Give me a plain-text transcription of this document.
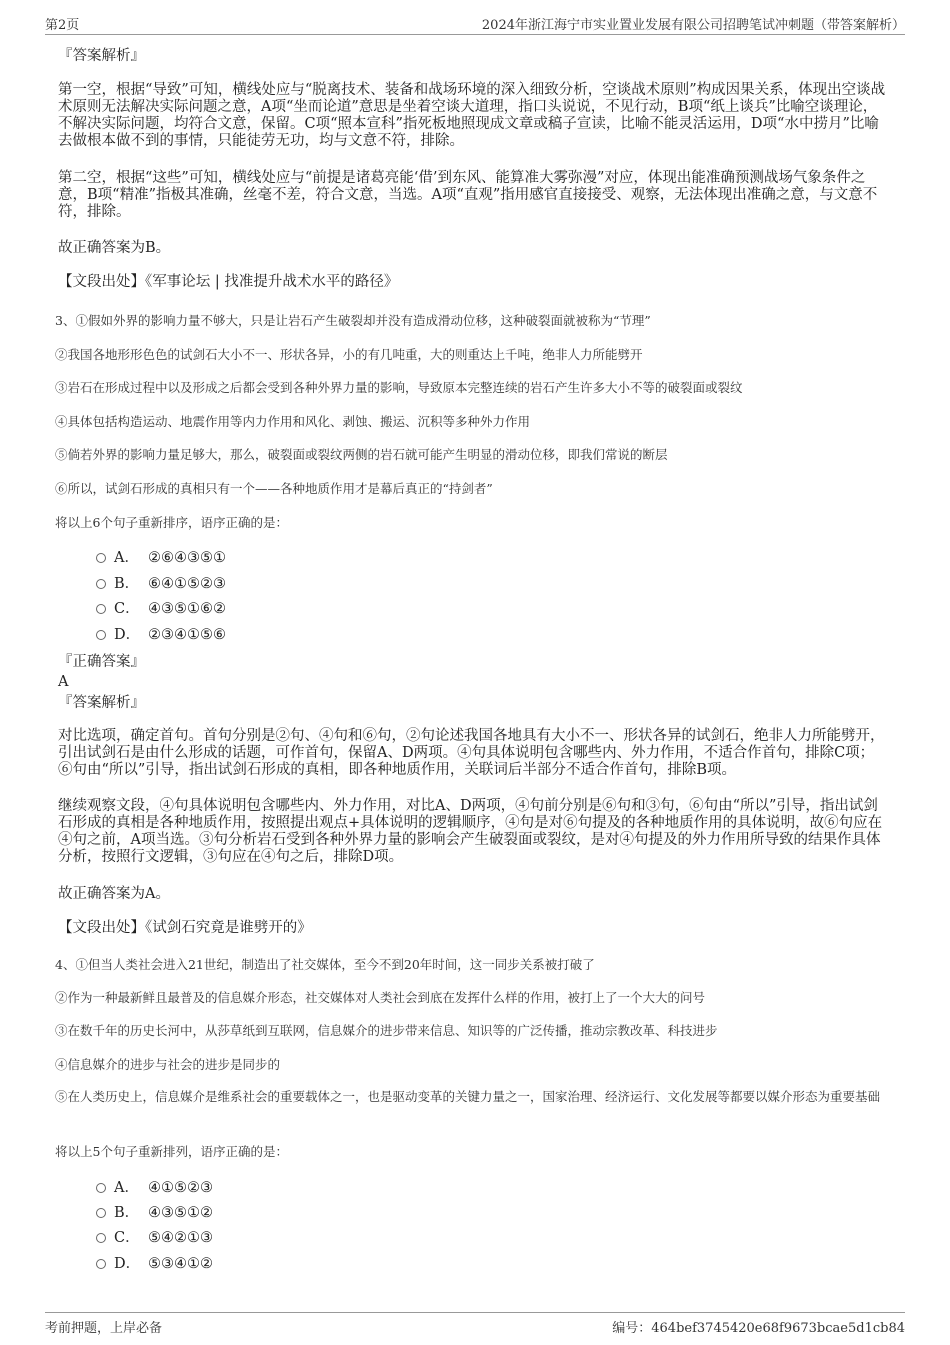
第2页	2024年浙江海宁市实业置业发展有限公司招聘笔试冲刺题（带答案解析）

『答案解析』

第一空，根据“导致”可知，横线处应与“脱离技术、装备和战场环境的深入细致分析，空谈战术原则”构成因果关系，体现出空谈战术原则无法解决实际问题之意，A项“坐而论道”意思是坐着空谈大道理，指口头说说，不见行动，B项“纸上谈兵”比喻空谈理论，不解决实际问题，均符合文意，保留。C项“照本宣科”指死板地照现成文章或稿子宣读，比喻不能灵活运用，D项“水中捞月”比喻去做根本做不到的事情，只能徒劳无功，均与文意不符，排除。

第二空，根据“这些”可知，横线处应与“前提是诸葛亮能‘借’到东风、能算准大雾弥漫”对应，体现出能准确预测战场气象条件之意，B项“精准”指极其准确，丝毫不差，符合文意，当选。A项“直观”指用感官直接接受、观察，无法体现出准确之意，与文意不符，排除。

故正确答案为B。

【文段出处】《军事论坛 | 找准提升战术水平的路径》

3、①假如外界的影响力量不够大，只是让岩石产生破裂却并没有造成滑动位移，这种破裂面就被称为“节理”

②我国各地形形色色的试剑石大小不一、形状各异，小的有几吨重，大的则重达上千吨，绝非人力所能劈开

③岩石在形成过程中以及形成之后都会受到各种外界力量的影响，导致原本完整连续的岩石产生许多大小不等的破裂面或裂纹

④具体包括构造运动、地震作用等内力作用和风化、剥蚀、搬运、沉积等多种外力作用

⑤倘若外界的影响力量足够大，那么，破裂面或裂纹两侧的岩石就可能产生明显的滑动位移，即我们常说的断层

⑥所以，试剑石形成的真相只有一个——各种地质作用才是幕后真正的“持剑者”

将以上6个句子重新排序，语序正确的是：

A． ②⑥④③⑤①
B． ⑥④①⑤②③
C． ④③⑤①⑥②
D． ②③④①⑤⑥

『正确答案』

A

『答案解析』

对比选项，确定首句。首句分别是②句、④句和⑥句，②句论述我国各地具有大小不一、形状各异的试剑石，绝非人力所能劈开，引出试剑石是由什么形成的话题，可作首句，保留A、D两项。④句具体说明包含哪些内、外力作用，不适合作首句，排除C项；⑥句由“所以”引导，指出试剑石形成的真相，即各种地质作用，关联词后半部分不适合作首句，排除B项。

继续观察文段，④句具体说明包含哪些内、外力作用，对比A、D两项，④句前分别是⑥句和③句，⑥句由“所以”引导，指出试剑石形成的真相是各种地质作用，按照提出观点+具体说明的逻辑顺序，④句是对⑥句提及的各种地质作用的具体说明，故⑥句应在④句之前，A项当选。③句分析岩石受到各种外界力量的影响会产生破裂面或裂纹，是对④句提及的外力作用所导致的结果作具体分析，按照行文逻辑，③句应在④句之后，排除D项。

故正确答案为A。

【文段出处】《试剑石究竟是谁劈开的》

4、①但当人类社会进入21世纪，制造出了社交媒体，至今不到20年时间，这一同步关系被打破了

②作为一种最新鲜且最普及的信息媒介形态，社交媒体对人类社会到底在发挥什么样的作用，被打上了一个大大的问号

③在数千年的历史长河中，从莎草纸到互联网，信息媒介的进步带来信息、知识等的广泛传播，推动宗教改革、科技进步

④信息媒介的进步与社会的进步是同步的

⑤在人类历史上，信息媒介是维系社会的重要载体之一，也是驱动变革的关键力量之一，国家治理、经济运行、文化发展等都要以媒介形态为重要基础

将以上5个句子重新排列，语序正确的是：

A． ④①⑤②③
B． ④③⑤①②
C． ⑤④②①③
D． ⑤③④①②
考前押题，上岸必备	编号：464bef3745420e68f9673bcae5d1cb84
